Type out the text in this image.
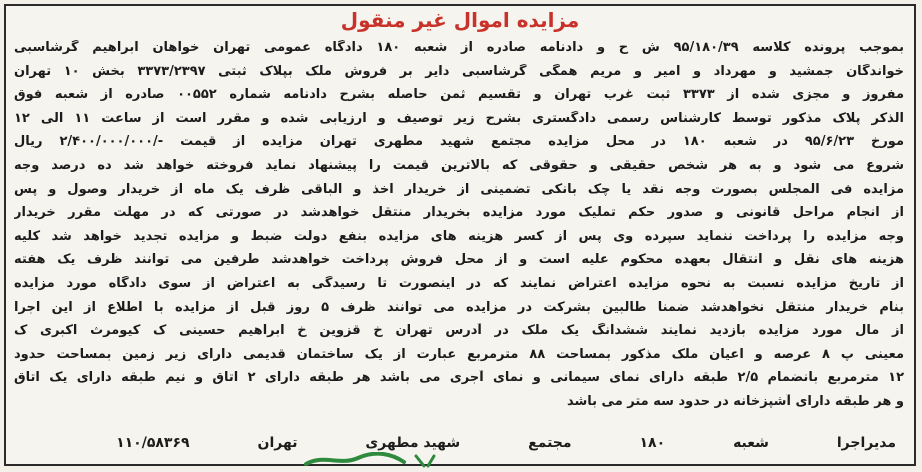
مزایده اموال غیر منقول
بموجب پرونده کلاسه ۹۵/۱۸۰/۳۹ ش ح و دادنامه صادره از شعبه ۱۸۰ دادگاه عمومی تهران خواهان ابراهیم گرشاسبی
خواندگان جمشید و مهرداد و امیر و مریم همگی گرشاسبی دایر بر فروش ملک بپلاک ثبتی ۳۳۷۳/۲۳۹۷ بخش ۱۰ تهران
مفروز و مجزی شده از ۳۳۷۳ ثبت غرب تهران و تقسیم ثمن حاصله بشرح دادنامه شماره ۰۰۵۵۲ صادره از شعبه فوق
الذکر پلاک مذکور توسط کارشناس رسمی دادگستری بشرح زیر توصیف و ارزیابی شده و مقرر است از ساعت ۱۱ الی ۱۲
مورخ ۹۵/۶/۲۳ در شعبه ۱۸۰ در محل مزایده مجتمع شهید مطهری تهران مزایده از قیمت -/۲/۴۰۰/۰۰۰/۰۰۰ ریال
شروع می شود و به هر شخص حقیقی و حقوقی که بالاترین قیمت را پیشنهاد نماید فروخته خواهد شد ده درصد وجه
مزایده فی المجلس بصورت وجه نقد یا چک بانکی تضمینی از خریدار اخذ و الباقی ظرف یک ماه از خریدار وصول و پس
از انجام مراحل قانونی و صدور حکم تملیک مورد مزایده بخریدار منتقل خواهدشد در صورتی که در مهلت مقرر خریدار
وجه مزایده را پرداخت ننماید سپرده وی پس از کسر هزینه های مزایده بنفع دولت ضبط و مزایده تجدید خواهد شد کلیه
هزینه های نقل و انتقال بعهده محکوم علیه است و از محل فروش پرداخت خواهدشد طرفین می توانند ظرف یک هفته
از تاریخ مزایده نسبت به نحوه مزایده اعتراض نمایند که در اینصورت تا رسیدگی به اعتراض از سوی دادگاه مورد مزایده
بنام خریدار منتقل نخواهدشد ضمنا طالبین بشرکت در مزایده می توانند ظرف ۵ روز قبل از مزایده با اطلاع از این اجرا
از مال مورد مزایده بازدید نمایند ششدانگ یک ملک در آدرس تهران خ قزوین خ ابراهیم حسینی ک کیومرث اکبری ک
معینی پ ۸ عرصه و اعیان ملک مذکور بمساحت ۸۸ مترمربع عبارت از یک ساختمان قدیمی دارای زیر زمین بمساحت حدود
۱۲ مترمربع بانضمام ۲/۵ طبقه دارای نمای سیمانی و نمای آجری می باشد هر طبقه دارای ۲ اتاق و نیم طبقه دارای یک اتاق
و هر طبقه دارای آشپزخانه در حدود سه متر می باشد
مدیراجرا
شعبه
۱۸۰
مجتمع
شهید مطهری
تهران
۱۱۰/۵۸۳۶۹
